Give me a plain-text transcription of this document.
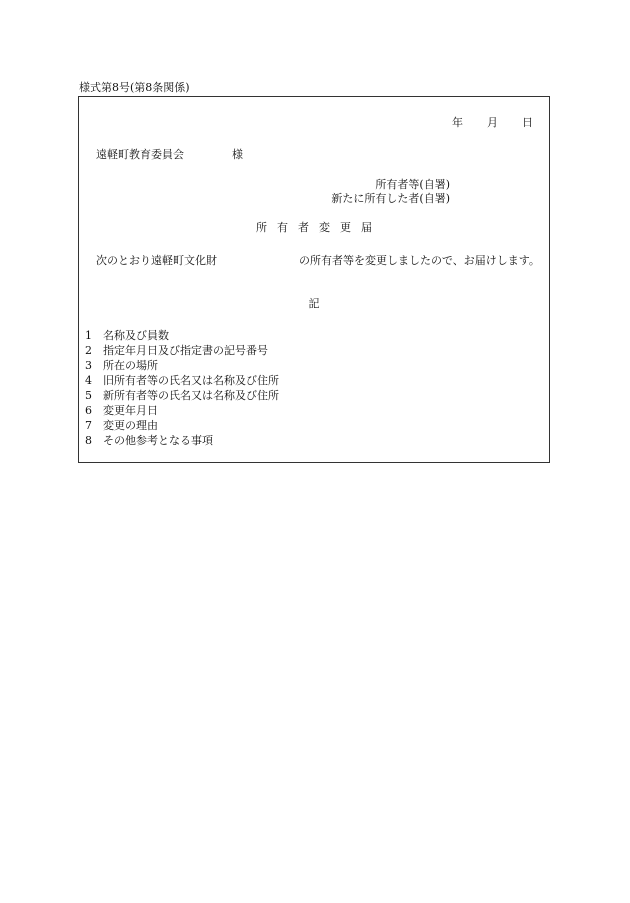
様式第8号(第8条関係)
年 月 日
遠軽町教育委員会	様
所有者等(自署)
新たに所有した者(自署)
所有者変更届
次のとおり遠軽町文化財	の所有者等を変更しましたので、お届けします。
記
1 名称及び員数
2 指定年月日及び指定書の記号番号
3 所在の場所
4 旧所有者等の氏名又は名称及び住所
5 新所有者等の氏名又は名称及び住所
6 変更年月日
7 変更の理由
8 その他参考となる事項
